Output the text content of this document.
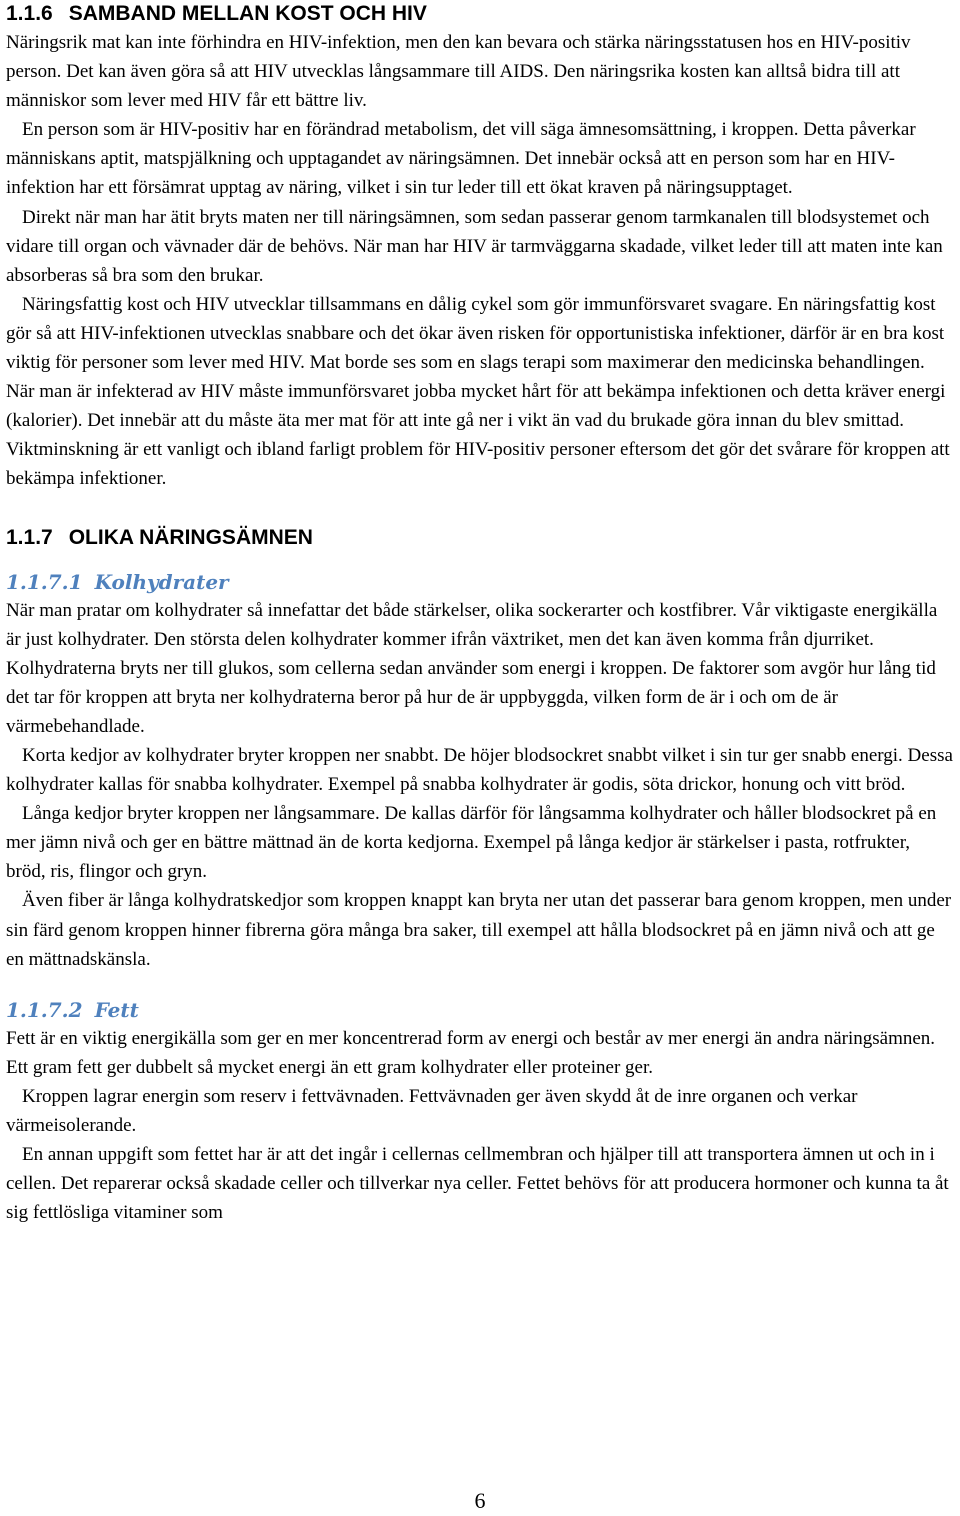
1.1.6 SAMBAND MELLAN KOST OCH HIV

Näringsrik mat kan inte förhindra en HIV-infektion, men den kan bevara och stärka näringsstatusen hos en HIV-positiv person. Det kan även göra så att HIV utvecklas långsammare till AIDS. Den näringsrika kosten kan alltså bidra till att människor som lever med HIV får ett bättre liv.

En person som är HIV-positiv har en förändrad metabolism, det vill säga ämnesomsättning, i kroppen. Detta påverkar människans aptit, matspjälkning och upptagandet av näringsämnen. Det innebär också att en person som har en HIV-infektion har ett försämrat upptag av näring, vilket i sin tur leder till ett ökat kraven på näringsupptaget.

Direkt när man har ätit bryts maten ner till näringsämnen, som sedan passerar genom tarmkanalen till blodsystemet och vidare till organ och vävnader där de behövs. När man har HIV är tarmväggarna skadade, vilket leder till att maten inte kan absorberas så bra som den brukar.

Näringsfattig kost och HIV utvecklar tillsammans en dålig cykel som gör immunförsvaret svagare. En näringsfattig kost gör så att HIV-infektionen utvecklas snabbare och det ökar även risken för opportunistiska infektioner, därför är en bra kost viktig för personer som lever med HIV. Mat borde ses som en slags terapi som maximerar den medicinska behandlingen. När man är infekterad av HIV måste immunförsvaret jobba mycket hårt för att bekämpa infektionen och detta kräver energi (kalorier). Det innebär att du måste äta mer mat för att inte gå ner i vikt än vad du brukade göra innan du blev smittad. Viktminskning är ett vanligt och ibland farligt problem för HIV-positiv personer eftersom det gör det svårare för kroppen att bekämpa infektioner.

1.1.7 OLIKA NÄRINGSÄMNEN
1.1.7.1 Kolhydrater

När man pratar om kolhydrater så innefattar det både stärkelser, olika sockerarter och kostfibrer. Vår viktigaste energikälla är just kolhydrater. Den största delen kolhydrater kommer ifrån växtriket, men det kan även komma från djurriket. Kolhydraterna bryts ner till glukos, som cellerna sedan använder som energi i kroppen. De faktorer som avgör hur lång tid det tar för kroppen att bryta ner kolhydraterna beror på hur de är uppbyggda, vilken form de är i och om de är värmebehandlade.

Korta kedjor av kolhydrater bryter kroppen ner snabbt. De höjer blodsockret snabbt vilket i sin tur ger snabb energi. Dessa kolhydrater kallas för snabba kolhydrater. Exempel på snabba kolhydrater är godis, söta drickor, honung och vitt bröd.

Långa kedjor bryter kroppen ner långsammare. De kallas därför för långsamma kolhydrater och håller blodsockret på en mer jämn nivå och ger en bättre mättnad än de korta kedjorna. Exempel på långa kedjor är stärkelser i pasta, rotfrukter, bröd, ris, flingor och gryn.

Även fiber är långa kolhydratskedjor som kroppen knappt kan bryta ner utan det passerar bara genom kroppen, men under sin färd genom kroppen hinner fibrerna göra många bra saker, till exempel att hålla blodsockret på en jämn nivå och att ge en mättnadskänsla.

1.1.7.2 Fett

Fett är en viktig energikälla som ger en mer koncentrerad form av energi och består av mer energi än andra näringsämnen. Ett gram fett ger dubbelt så mycket energi än ett gram kolhydrater eller proteiner ger.

Kroppen lagrar energin som reserv i fettvävnaden. Fettvävnaden ger även skydd åt de inre organen och verkar värmeisolerande.

En annan uppgift som fettet har är att det ingår i cellernas cellmembran och hjälper till att transportera ämnen ut och in i cellen. Det reparerar också skadade celler och tillverkar nya celler. Fettet behövs för att producera hormoner och kunna ta åt sig fettlösliga vitaminer som

6
